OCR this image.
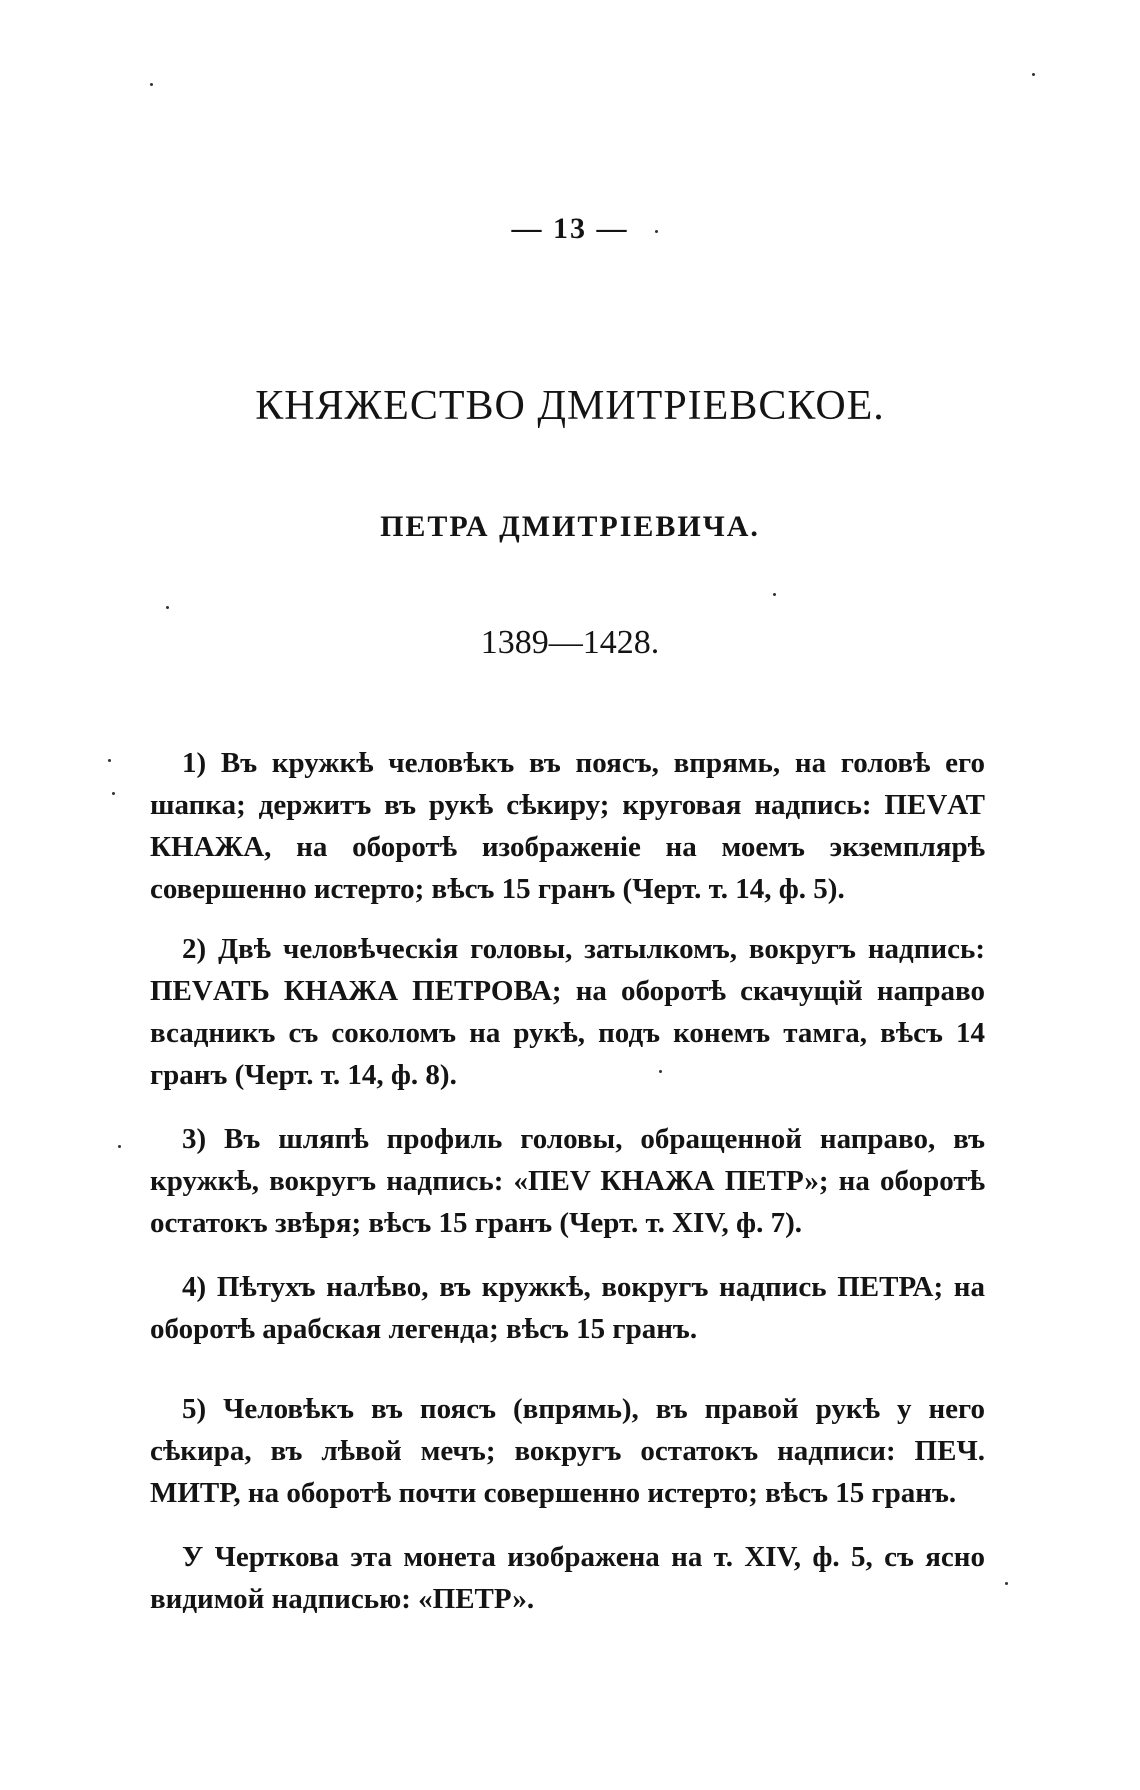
— 13 —
КНЯЖЕСТВО ДМИТРІЕВСКОЕ.
ПЕТРА ДМИТРІЕВИЧА.
1389—1428.
1) Въ кружкѣ человѣкъ въ поясъ, впрямь, на головѣ его шапка; держитъ въ рукѣ сѣкиру; круговая надпись: ПЕVАТ КНАЖА, на оборотѣ изображеніе на моемъ экземплярѣ совершенно истерто; вѣсъ 15 гранъ (Черт. т. 14, ф. 5).
2) Двѣ человѣческія головы, затылкомъ, вокругъ надпись: ПЕVАТЬ КНАЖА ПЕТРОВА; на оборотѣ скачущій направо всадникъ съ соколомъ на рукѣ, подъ конемъ тамга, вѣсъ 14 гранъ (Черт. т. 14, ф. 8).
3) Въ шляпѣ профиль головы, обращенной направо, въ кружкѣ, вокругъ надпись: «ПЕV КНАЖА ПЕТР»; на оборотѣ остатокъ звѣря; вѣсъ 15 гранъ (Черт. т. XIV, ф. 7).
4) Пѣтухъ налѣво, въ кружкѣ, вокругъ надпись ПЕТРА; на оборотѣ арабская легенда; вѣсъ 15 гранъ.
5) Человѣкъ въ поясъ (впрямь), въ правой рукѣ у него сѣкира, въ лѣвой мечъ; вокругъ остатокъ надписи: ПЕЧ. МИТР, на оборотѣ почти совершенно истерто; вѣсъ 15 гранъ.
У Черткова эта монета изображена на т. XIV, ф. 5, съ ясно видимой надписью: «ПЕТР».
